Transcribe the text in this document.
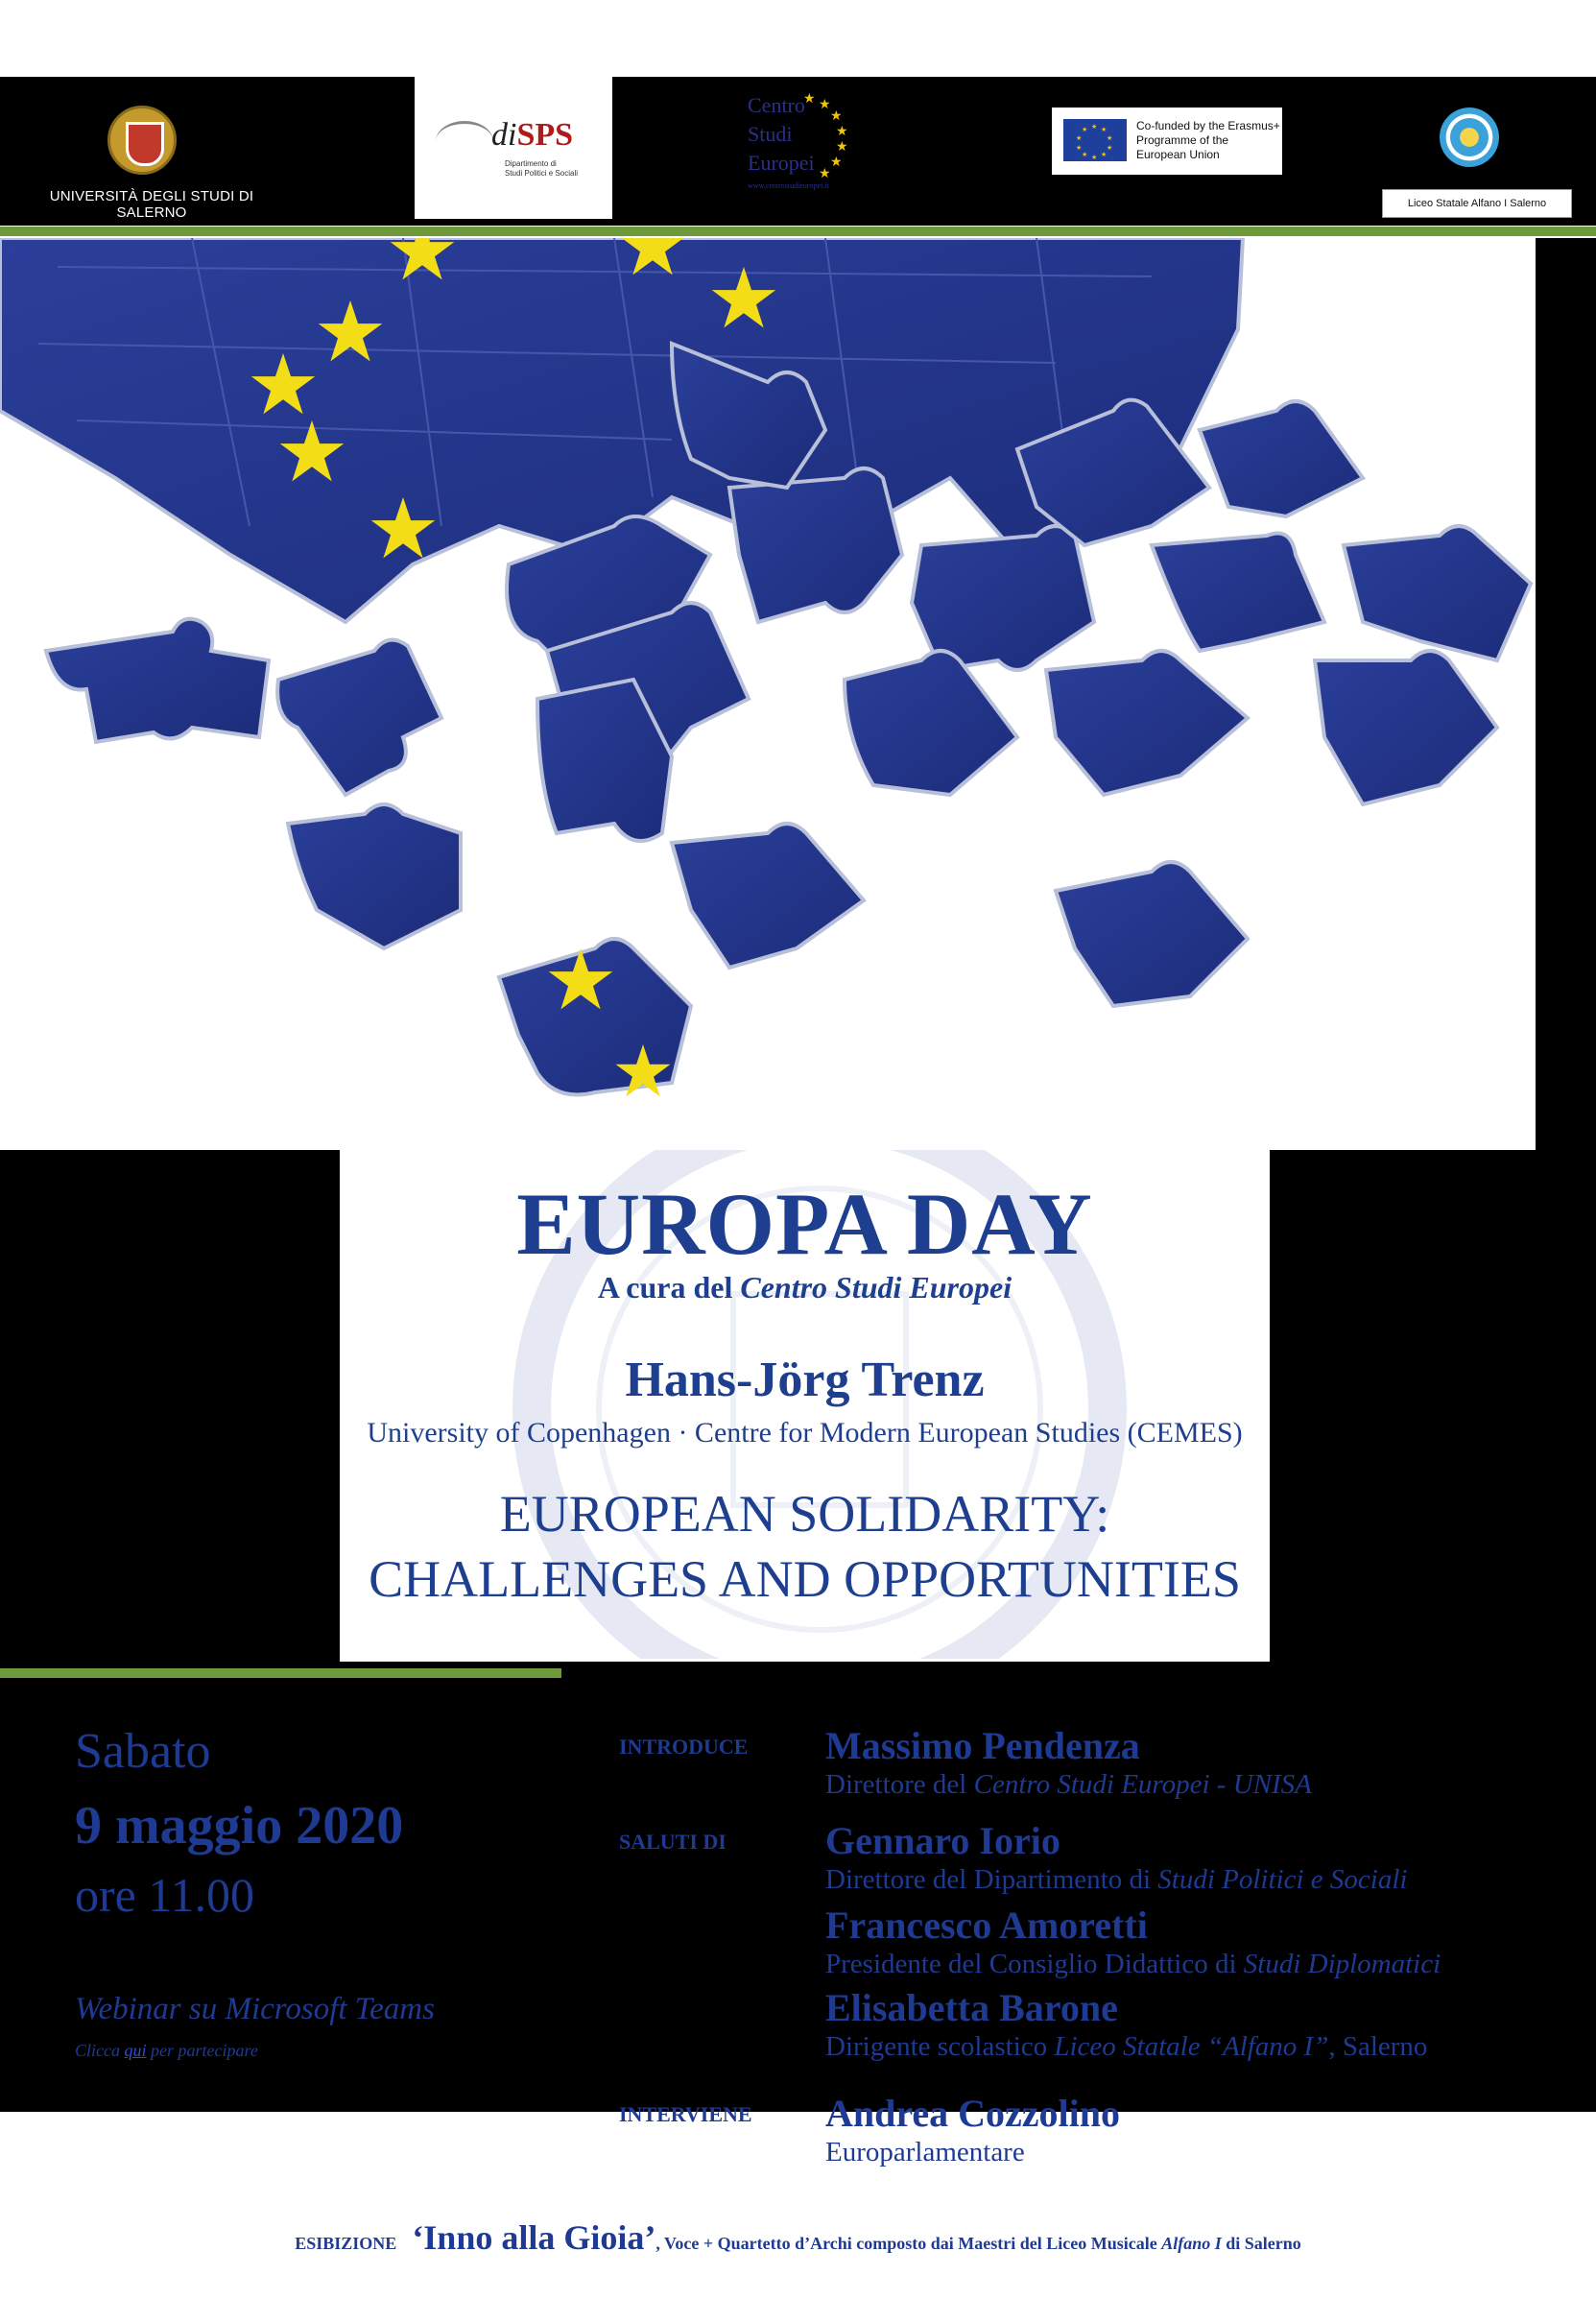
UNIVERSITÀ DEGLI STUDI DI SALERNO
diSPS
Dipartimento di
Studi Politici e Sociali
Centro
Studi
Europei
www.centrostudieuropei.it
★ ★
★
★
★
★
★
★ ★
★
★
★
★
★
★
★
★	Co-funded by the Erasmus+ Programme of the European Union
Liceo Statale Alfano I Salerno
EUROPA DAY
A cura del Centro Studi Europei
Hans-Jörg Trenz
University of Copenhagen · Centre for Modern European Studies (CEMES)
EUROPEAN SOLIDARITY:
CHALLENGES AND OPPORTUNITIES
Sabato
9 maggio 2020
ore 11.00
Webinar su Microsoft Teams
Clicca qui per partecipare
INTRODUCE Massimo Pendenza
Direttore del Centro Studi Europei - UNISA
SALUTI DI	Gennaro Iorio
Direttore del Dipartimento di Studi Politici e Sociali
Francesco Amoretti
Presidente del Consiglio Didattico di Studi Diplomatici
Elisabetta Barone
Dirigente scolastico Liceo Statale “Alfano I”, Salerno
INTERVIENE Andrea Cozzolino
Europarlamentare
ESIBIZIONE ‘Inno alla Gioia’, Voce + Quartetto d’Archi composto dai Maestri del Liceo Musicale Alfano I di Salerno
